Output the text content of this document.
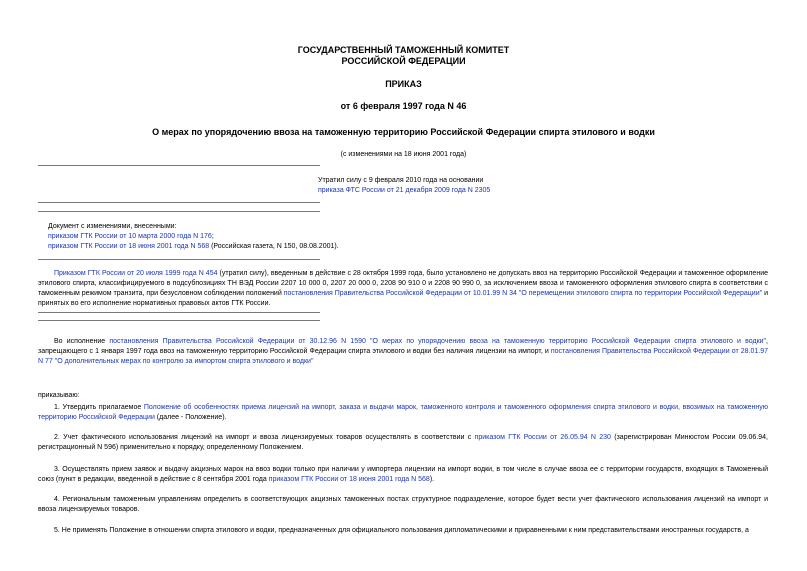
ГОСУДАРСТВЕННЫЙ ТАМОЖЕННЫЙ КОМИТЕТ
РОССИЙСКОЙ ФЕДЕРАЦИИ
ПРИКАЗ
от 6 февраля 1997 года N 46
О мерах по упорядочению ввоза на таможенную территорию Российской Федерации спирта этилового и водки
(с изменениями на 18 июня 2001 года)
Утратил силу с 9 февраля 2010 года на основании
приказа ФТС России от 21 декабря 2009 года N 2305
Документ с изменениями, внесенными:
приказом ГТК России от 10 марта 2000 года N 176;
приказом ГТК России от 18 июня 2001 года N 568 (Российская газета, N 150, 08.08.2001).
Приказом ГТК России от 20 июля 1999 года N 454 (утратил силу), введенным в действие с 28 октября 1999 года, было установлено не допускать ввоз на территорию Российской Федерации и таможенное оформление этилового спирта, классифицируемого в подсубпозициях ТН ВЭД России 2207 10 000 0, 2207 20 000 0, 2208 90 910 0 и 2208 90 990 0, за исключением ввоза и таможенного оформления этилового спирта в соответствии с таможенным режимом транзита, при безусловном соблюдении положений постановления Правительства Российской Федерации от 10.01.99 N 34 "О перемещении этилового спирта по территории Российской Федерации" и принятых во его исполнение нормативных правовых актов ГТК России.
Во исполнение постановления Правительства Российской Федерации от 30.12.96 N 1590 "О мерах по упорядочению ввоза на таможенную территорию Российской Федерации спирта этилового и водки", запрещающего с 1 января 1997 года ввоз на таможенную территорию Российской Федерации спирта этилового и водки без наличия лицензии на импорт, и постановления Правительства Российской Федерации от 28.01.97 N 77 "О дополнительных мерах по контролю за импортом спирта этилового и водки"
приказываю:
1. Утвердить прилагаемое Положение об особенностях приема лицензий на импорт, заказа и выдачи марок, таможенного контроля и таможенного оформления спирта этилового и водки, ввозимых на таможенную территорию Российской Федерации (далее - Положение).
2. Учет фактического использования лицензий на импорт и ввоза лицензируемых товаров осуществлять в соответствии с приказом ГТК России от 26.05.94 N 230 (зарегистрирован Минюстом России 09.06.94, регистрационный N 596) применительно к порядку, определенному Положением.
3. Осуществлять прием заявок и выдачу акцизных марок на ввоз водки только при наличии у импортера лицензии на импорт водки, в том числе в случае ввоза ее с территории государств, входящих в Таможенный союз (пункт в редакции, введенной в действие с 8 сентября 2001 года приказом ГТК России от 18 июня 2001 года N 568).
4. Региональным таможенным управлениям определить в соответствующих акцизных таможенных постах структурное подразделение, которое будет вести учет фактического использования лицензий на импорт и ввоза лицензируемых товаров.
5. Не применять Положение в отношении спирта этилового и водки, предназначенных для официального пользования дипломатическими и приравненными к ним представительствами иностранных государств, а
